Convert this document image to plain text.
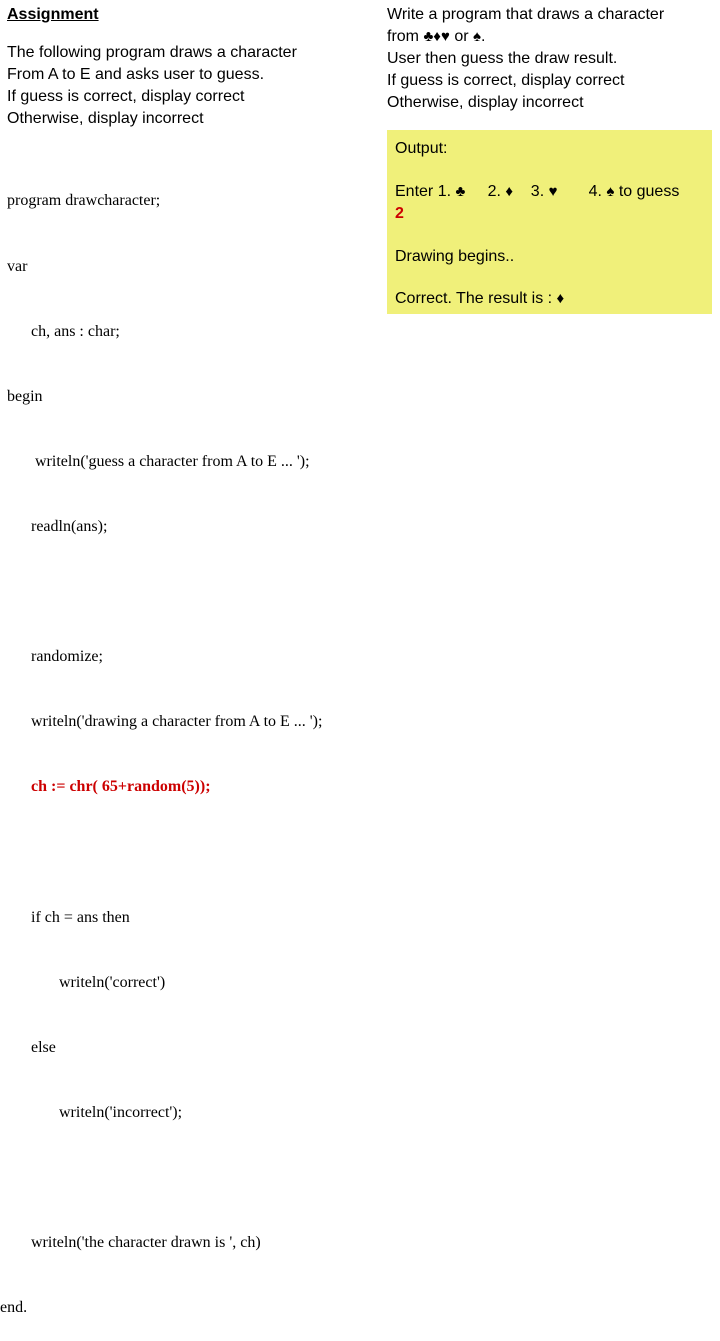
Assignment
The following program draws a character
From A to E and asks user to guess.
If guess is correct, display correct
Otherwise, display incorrect

program drawcharacter;

var

ch, ans : char;

begin

writeln('guess a character from A to E ... ');

readln(ans);

randomize;

writeln('drawing a character from A to E ... ');

ch := chr( 65+random(5));

if ch = ans then

writeln('correct')

else

writeln('incorrect');

writeln('the character drawn is ', ch)

end.

Write a program that draws a character
from ♣♦♥ or ♠.
User then guess the draw result.
If guess is correct, display correct
Otherwise, display incorrect
Output:
Enter 1. ♣ 2. ♦ 3. ♥ 4. ♠ to guess
2
Drawing begins..
Correct. The result is : ♦
